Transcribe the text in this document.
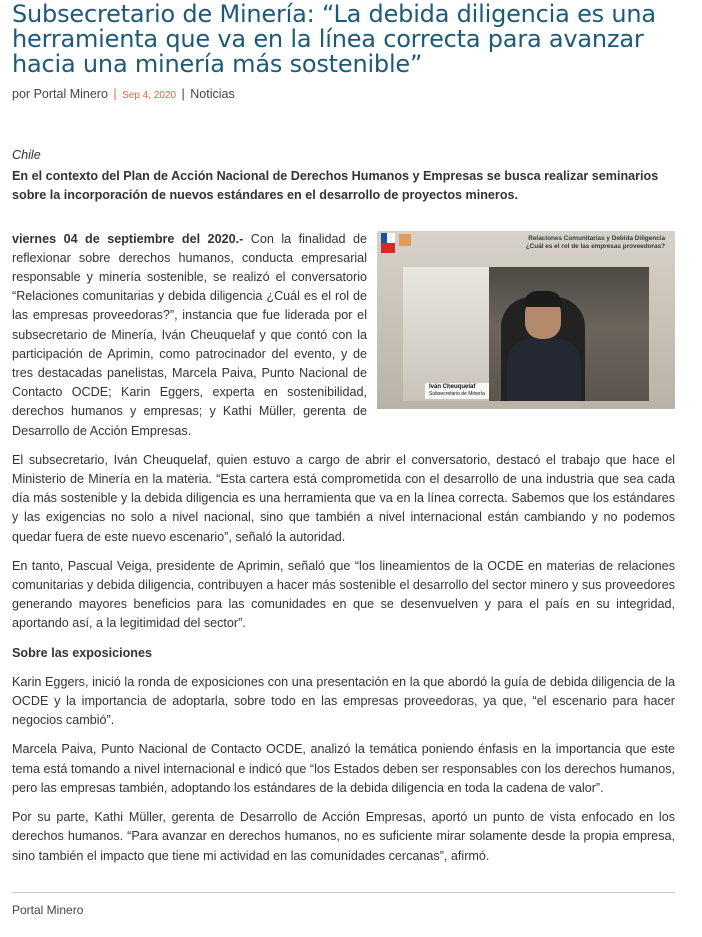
Subsecretario de Minería: “La debida diligencia es una herramienta que va en la línea correcta para avanzar hacia una minería más sostenible”
por Portal Minero | Sep 4, 2020 | Noticias

Chile

En el contexto del Plan de Acción Nacional de Derechos Humanos y Empresas se busca realizar seminarios sobre la incorporación de nuevos estándares en el desarrollo de proyectos mineros.

Relaciones Comunitarias y Debida Diligencia
¿Cuál es el rol de las empresas proveedoras?
Iván Cheuquelaf
Subsecretario de Minería

viernes 04 de septiembre del 2020.- Con la finalidad de reflexionar sobre derechos humanos, conducta empresarial responsable y minería sostenible, se realizó el conversatorio “Relaciones comunitarias y debida diligencia ¿Cuál es el rol de las empresas proveedoras?”, instancia que fue liderada por el subsecretario de Minería, Iván Cheuquelaf y que contó con la participación de Aprimin, como patrocinador del evento, y de tres destacadas panelistas, Marcela Paiva, Punto Nacional de Contacto OCDE; Karin Eggers, experta en sostenibilidad, derechos humanos y empresas; y Kathi Müller, gerenta de Desarrollo de Acción Empresas.

El subsecretario, Iván Cheuquelaf, quien estuvo a cargo de abrir el conversatorio, destacó el trabajo que hace el Ministerio de Minería en la materia. “Esta cartera está comprometida con el desarrollo de una industria que sea cada día más sostenible y la debida diligencia es una herramienta que va en la línea correcta. Sabemos que los estándares y las exigencias no solo a nivel nacional, sino que también a nivel internacional están cambiando y no podemos quedar fuera de este nuevo escenario”, señaló la autoridad.

En tanto, Pascual Veiga, presidente de Aprimin, señaló que “los lineamientos de la OCDE en materias de relaciones comunitarias y debida diligencia, contribuyen a hacer más sostenible el desarrollo del sector minero y sus proveedores generando mayores beneficios para las comunidades en que se desenvuelven y para el país en su integridad, aportando así, a la legitimidad del sector”.

Sobre las exposiciones

Karin Eggers, inició la ronda de exposiciones con una presentación en la que abordó la guía de debida diligencia de la OCDE y la importancia de adoptarla, sobre todo en las empresas proveedoras, ya que, “el escenario para hacer negocios cambió”.

Marcela Paiva, Punto Nacional de Contacto OCDE, analizó la temática poniendo énfasis en la importancia que este tema está tomando a nivel internacional e indicó que “los Estados deben ser responsables con los derechos humanos, pero las empresas también, adoptando los estándares de la debida diligencia en toda la cadena de valor”.

Por su parte, Kathi Müller, gerenta de Desarrollo de Acción Empresas, aportó un punto de vista enfocado en los derechos humanos. “Para avanzar en derechos humanos, no es suficiente mirar solamente desde la propia empresa, sino también el impacto que tiene mi actividad en las comunidades cercanas”, afirmó.

Portal Minero
